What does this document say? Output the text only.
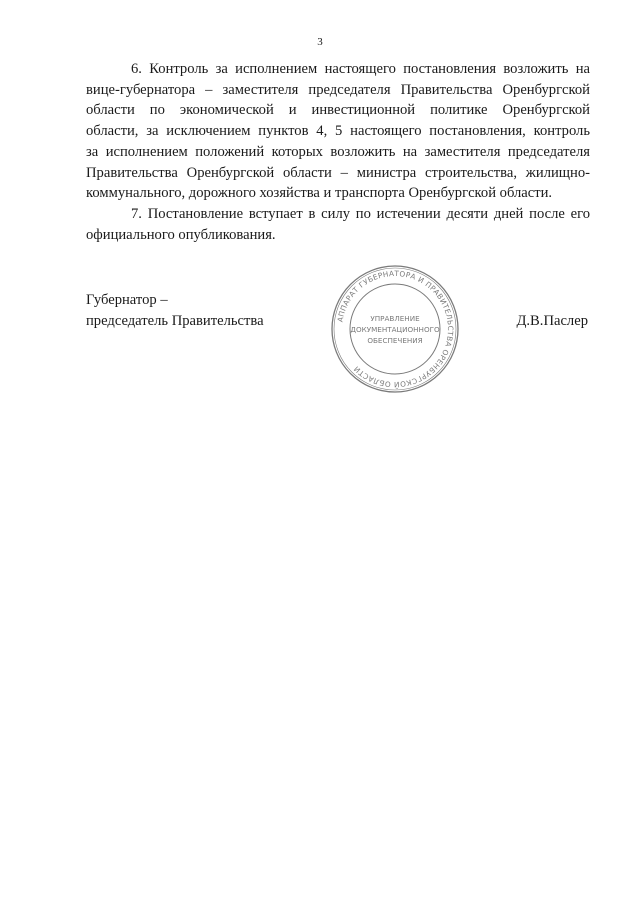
3

6. Контроль за исполнением настоящего постановления возложить на
вице-губернатора – заместителя председателя Правительства Оренбургской
области по экономической и инвестиционной политике Оренбургской
области, за исключением пунктов 4, 5 настоящего постановления, контроль
за исполнением положений которых возложить на заместителя председателя
Правительства Оренбургской области – министра строительства, жилищно-
коммунального, дорожного хозяйства и транспорта Оренбургской области.

7. Постановление вступает в силу по истечении десяти дней после его
официального опубликования.

Губернатор –
председатель Правительства	АППАРАТ ГУБЕРНАТОРА И ПРАВИТЕЛЬСТВА ОРЕНБУРГСКОЙ ОБЛАСТИ
УПРАВЛЕНИЕ
ДОКУМЕНТАЦИОННОГО
ОБЕСПЕЧЕНИЯ
Д.В.Паслер
